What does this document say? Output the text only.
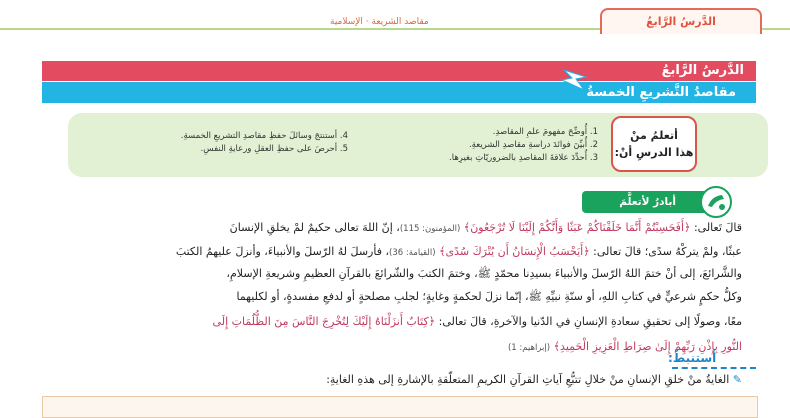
مقاصد الشريعة · الإسلامية	الدَّرسُ الرَّابعُ
الدَّرسُ الرَّابعُ
مقاصدُ التَّشريعِ الخمسةُ
أتعلمُ منْ
هذا الدرسِ أنْ:
1. أُوضِّحَ مفهومَ علمِ المقاصدِ.
2. أُبيِّنَ فوائدَ دراسةِ مقاصدِ الشريعةِ.
3. أُحدِّدَ علاقةَ المقاصدِ بالضروريّاتِ بغيرِها.
4. أستنتجَ وسائلَ حفظِ مقاصدِ التشريعِ الخمسةِ.
5. أحرصَ على حفظِ العقلِ ورعايةِ النفسِ.
أبادرُ لأتعلَّمَ
قالَ تَعالى: ﴿أَفَحَسِبْتُمْ أَنَّمَا خَلَقْنَاكُمْ عَبَثًا وَأَنَّكُمْ إِلَيْنَا لَا تُرْجَعُونَ﴾ (المؤمنون: 115)، إنّ اللهَ تعالى حكيمٌ لمْ يخلقِ الإنسانَ
عبثًا، ولمْ يتركْهُ سدًى؛ قالَ تعالى: ﴿أَيَحْسَبُ الْإِنسَانُ أَن يُتْرَكَ سُدًى﴾ (القيامة: 36)، فأرسلَ لهُ الرّسلَ والأنبياءَ، وأنزلَ عليهمُ الكتبَ
والشَّرائعَ، إلى أنْ ختمَ اللهُ الرّسلَ والأنبياءَ بسيدِنا محمّدٍ ﷺ، وختمَ الكتبَ والشّرائعَ بالقرآنِ العظيمِ وشريعةِ الإسلامِ،
وكلُّ حكمٍ شرعيٍّ في كتابِ اللهِ، أو سنّةِ نبيِّهِ ﷺ، إنّما نزلَ لحكمةٍ وغايةٍ؛ لجلبِ مصلحةٍ أو لدفعِ مفسدةٍ، أو لكليهما
معًا، وصولًا إلى تحقيقِ سعادةِ الإنسانِ في الدّنيا والآخرةِ، قالَ تعالى: ﴿كِتَابٌ أَنزَلْنَاهُ إِلَيْكَ لِتُخْرِجَ النَّاسَ مِنَ الظُّلُمَاتِ إِلَى
النُّورِ بِإِذْنِ رَبِّهِمْ إِلَىٰ صِرَاطِ الْعَزِيزِ الْحَمِيدِ﴾ (إبراهيم: 1)
أستنبطُ:
✎ الغايةُ منْ خلقِ الإنسانِ منْ خلالِ تتبُّعِ آياتِ القرآنِ الكريمِ المتعلّقةِ بالإشارةِ إلى هذهِ الغايةِ:
